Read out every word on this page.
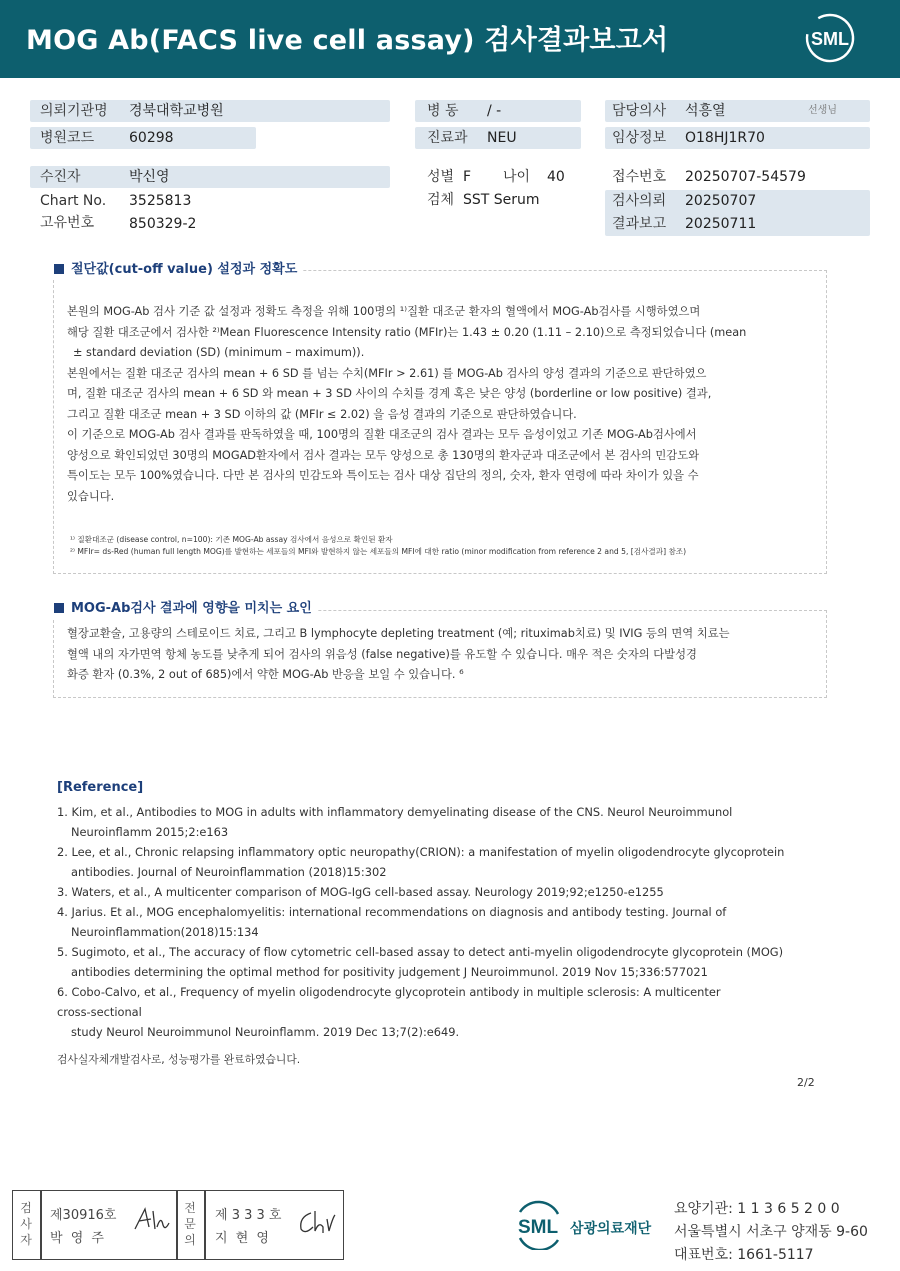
MOG Ab(FACS live cell assay) 검사결과보고서	SML
의뢰기관명 경북대학교병원
병원코드 60298
병 동 / -
진료과 NEU
담당의사 석흥열	선생님
임상정보 O18HJ1R70
수진자	박신영
Chart No. 3525813
고유번호 850329-2
성별 F 나이 40
검체 SST Serum
접수번호 20250707-54579
검사의뢰 20250707
결과보고 20250711
절단값(cut-off value) 설정과 정확도
본원의 MOG-Ab 검사 기준 값 설정과 정확도 측정을 위해 100명의 ¹⁾질환 대조군 환자의 혈액에서 MOG-Ab검사를 시행하였으며
해당 질환 대조군에서 검사한 ²⁾Mean Fluorescence Intensity ratio (MFIr)는 1.43 ± 0.20 (1.11 – 2.10)으로 측정되었습니다 (mean
± standard deviation (SD) (minimum – maximum)).
본원에서는 질환 대조군 검사의 mean + 6 SD 를 넘는 수치(MFIr > 2.61) 를 MOG-Ab 검사의 양성 결과의 기준으로 판단하였으
며, 질환 대조군 검사의 mean + 6 SD 와 mean + 3 SD 사이의 수치를 경계 혹은 낮은 양성 (borderline or low positive) 결과,
그리고 질환 대조군 mean + 3 SD 이하의 값 (MFIr ≤ 2.02) 을 음성 결과의 기준으로 판단하였습니다.
이 기준으로 MOG-Ab 검사 결과를 판독하였을 때, 100명의 질환 대조군의 검사 결과는 모두 음성이었고 기존 MOG-Ab검사에서
양성으로 확인되었던 30명의 MOGAD환자에서 검사 결과는 모두 양성으로 총 130명의 환자군과 대조군에서 본 검사의 민감도와
특이도는 모두 100%였습니다. 다만 본 검사의 민감도와 특이도는 검사 대상 집단의 정의, 숫자, 환자 연령에 따라 차이가 있을 수
있습니다.
¹⁾ 질환대조군 (disease control, n=100): 기존 MOG-Ab assay 검사에서 음성으로 확인된 환자
²⁾ MFIr= ds-Red (human full length MOG)를 발현하는 세포들의 MFI와 발현하지 않는 세포들의 MFI에 대한 ratio (minor modification from reference 2 and 5, [검사결과] 참조)
MOG-Ab검사 결과에 영향을 미치는 요인
혈장교환술, 고용량의 스테로이드 치료, 그리고 B lymphocyte depleting treatment (예; rituximab치료) 및 IVIG 등의 면역 치료는
혈액 내의 자가면역 항체 농도를 낮추게 되어 검사의 위음성 (false negative)를 유도할 수 있습니다. 매우 적은 숫자의 다발성경
화증 환자 (0.3%, 2 out of 685)에서 약한 MOG-Ab 반응을 보일 수 있습니다. ⁶
[Reference]
1. Kim, et al., Antibodies to MOG in adults with inflammatory demyelinating disease of the CNS. Neurol Neuroimmunol
Neuroinflamm 2015;2:e163
2. Lee, et al., Chronic relapsing inflammatory optic neuropathy(CRION): a manifestation of myelin oligodendrocyte glycoprotein
antibodies. Journal of Neuroinflammation (2018)15:302
3. Waters, et al., A multicenter comparison of MOG-IgG cell-based assay. Neurology 2019;92;e1250-e1255
4. Jarius. Et al., MOG encephalomyelitis: international recommendations on diagnosis and antibody testing. Journal of
Neuroinflammation(2018)15:134
5. Sugimoto, et al., The accuracy of flow cytometric cell-based assay to detect anti-myelin oligodendrocyte glycoprotein (MOG)
antibodies determining the optimal method for positivity judgement J Neuroimmunol. 2019 Nov 15;336:577021
6. Cobo-Calvo, et al., Frequency of myelin oligodendrocyte glycoprotein antibody in multiple sclerosis: A multicenter
cross-sectional
study Neurol Neuroimmunol Neuroinflamm. 2019 Dec 13;7(2):e649.
검사실자체개발검사로, 성능평가를 완료하였습니다.
2/2
검
사
자
제30916호
박 영 주
전
문
의
제 3 3 3 호
지 현 영
SML 삼광의료재단
요양기관: 1 1 3 6 5 2 0 0
서울특별시 서초구 양재동 9-60
대표번호: 1661-5117
